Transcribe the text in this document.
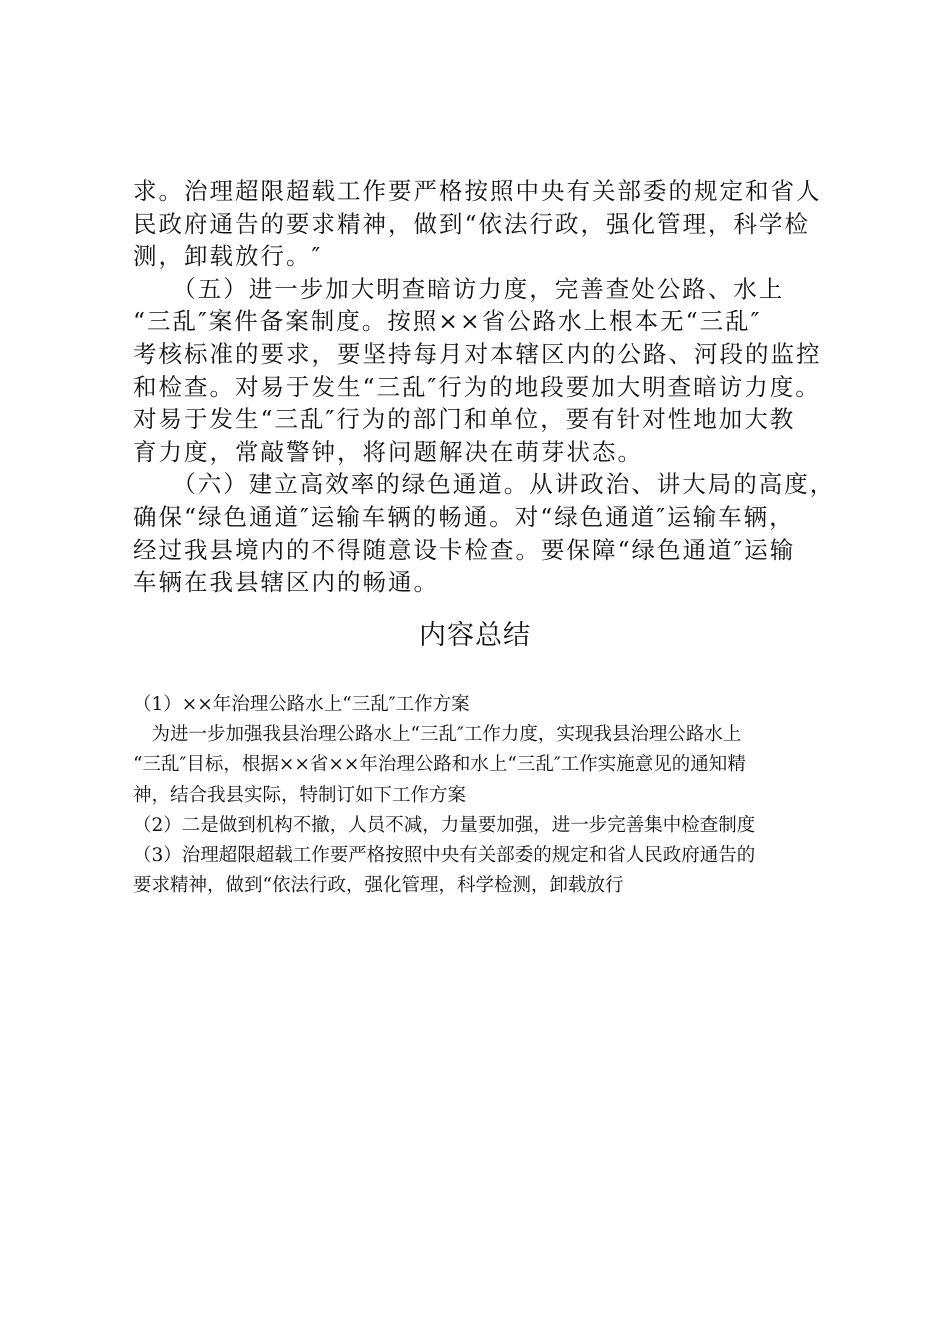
求。治理超限超载工作要严格按照中央有关部委的规定和省人
民政府通告的要求精神，做到“依法行政，强化管理，科学检
测，卸载放行。″
　　（五）进一步加大明查暗访力度，完善查处公路、水上
“三乱″案件备案制度。按照××省公路水上根本无“三乱″
考核标准的要求，要坚持每月对本辖区内的公路、河段的监控
和检查。对易于发生“三乱″行为的地段要加大明查暗访力度。
对易于发生“三乱″行为的部门和单位，要有针对性地加大教
育力度，常敲警钟，将问题解决在萌芽状态。
　　（六）建立高效率的绿色通道。从讲政治、讲大局的高度，
确保“绿色通道″运输车辆的畅通。对“绿色通道″运输车辆，
经过我县境内的不得随意设卡检查。要保障“绿色通道″运输
车辆在我县辖区内的畅通。
内容总结
（1）××年治理公路水上“三乱″工作方案
　为进一步加强我县治理公路水上“三乱″工作力度，实现我县治理公路水上
“三乱″目标，根据××省××年治理公路和水上“三乱″工作实施意见的通知精
神，结合我县实际，特制订如下工作方案
（2）二是做到机构不撤，人员不减，力量要加强，进一步完善集中检查制度
（3）治理超限超载工作要严格按照中央有关部委的规定和省人民政府通告的
要求精神，做到“依法行政，强化管理，科学检测，卸载放行
